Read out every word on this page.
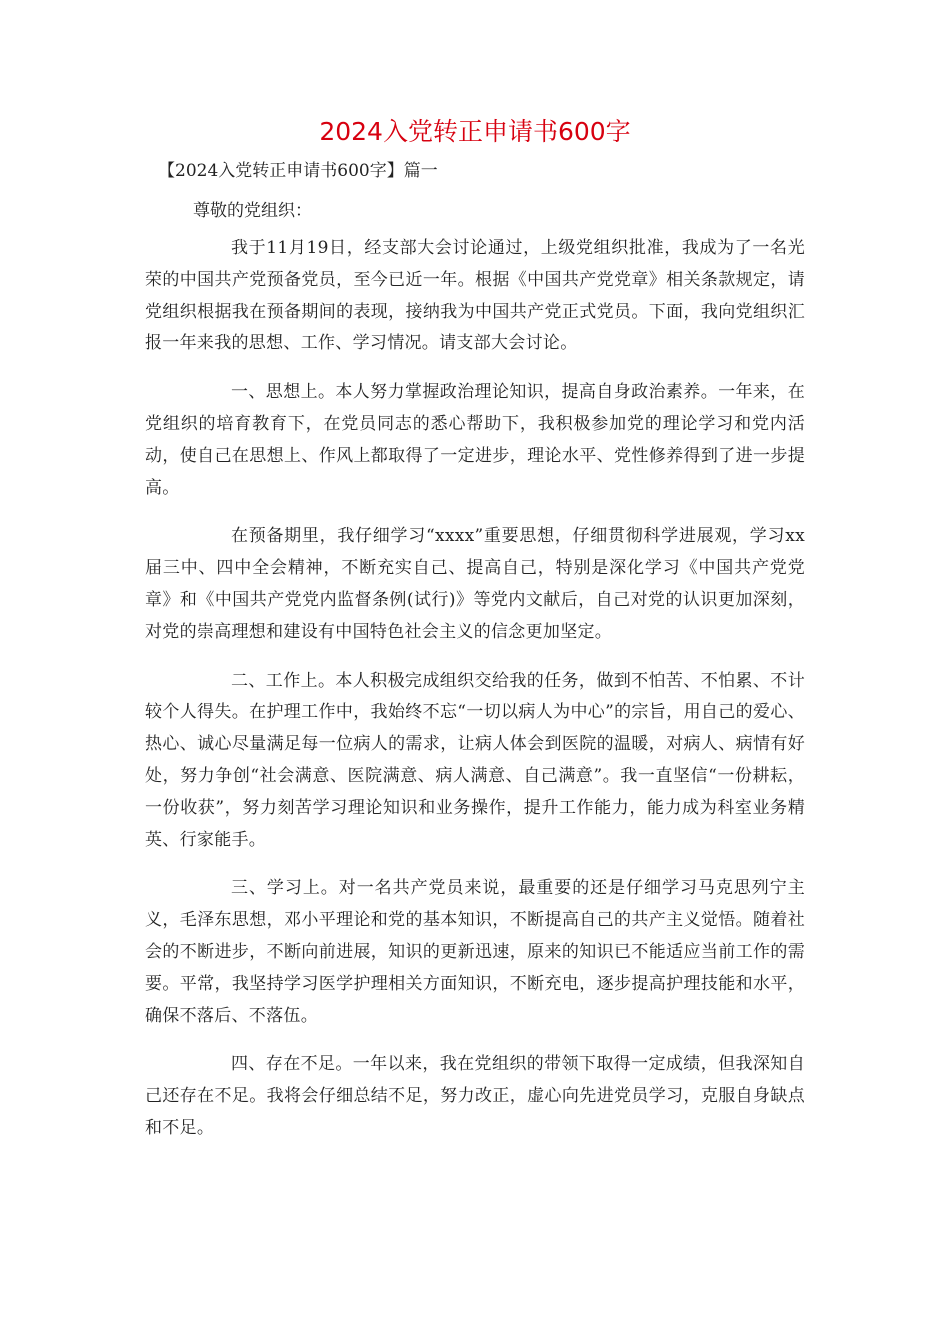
2024入党转正申请书600字
【2024入党转正申请书600字】篇一
尊敬的党组织：

我于11月19日，经支部大会讨论通过，上级党组织批准，我成为了一名光荣的中国共产党预备党员，至今已近一年。根据《中国共产党党章》相关条款规定，请党组织根据我在预备期间的表现，接纳我为中国共产党正式党员。下面，我向党组织汇报一年来我的思想、工作、学习情况。请支部大会讨论。

一、思想上。本人努力掌握政治理论知识，提高自身政治素养。一年来，在党组织的培育教育下，在党员同志的悉心帮助下，我积极参加党的理论学习和党内活动，使自己在思想上、作风上都取得了一定进步，理论水平、党性修养得到了进一步提高。

在预备期里，我仔细学习“xxxx”重要思想，仔细贯彻科学进展观，学习xx届三中、四中全会精神，不断充实自己、提高自己，特别是深化学习《中国共产党党章》和《中国共产党党内监督条例(试行)》等党内文献后，自己对党的认识更加深刻，对党的崇高理想和建设有中国特色社会主义的信念更加坚定。

二、工作上。本人积极完成组织交给我的任务，做到不怕苦、不怕累、不计较个人得失。在护理工作中，我始终不忘“一切以病人为中心”的宗旨，用自己的爱心、热心、诚心尽量满足每一位病人的需求，让病人体会到医院的温暖，对病人、病情有好处，努力争创“社会满意、医院满意、病人满意、自己满意”。我一直坚信“一份耕耘，一份收获”，努力刻苦学习理论知识和业务操作，提升工作能力，能力成为科室业务精英、行家能手。

三、学习上。对一名共产党员来说，最重要的还是仔细学习马克思列宁主义，毛泽东思想，邓小平理论和党的基本知识，不断提高自己的共产主义觉悟。随着社会的不断进步，不断向前进展，知识的更新迅速，原来的知识已不能适应当前工作的需要。平常，我坚持学习医学护理相关方面知识，不断充电，逐步提高护理技能和水平，确保不落后、不落伍。

四、存在不足。一年以来，我在党组织的带领下取得一定成绩，但我深知自己还存在不足。我将会仔细总结不足，努力改正，虚心向先进党员学习，克服自身缺点和不足。
